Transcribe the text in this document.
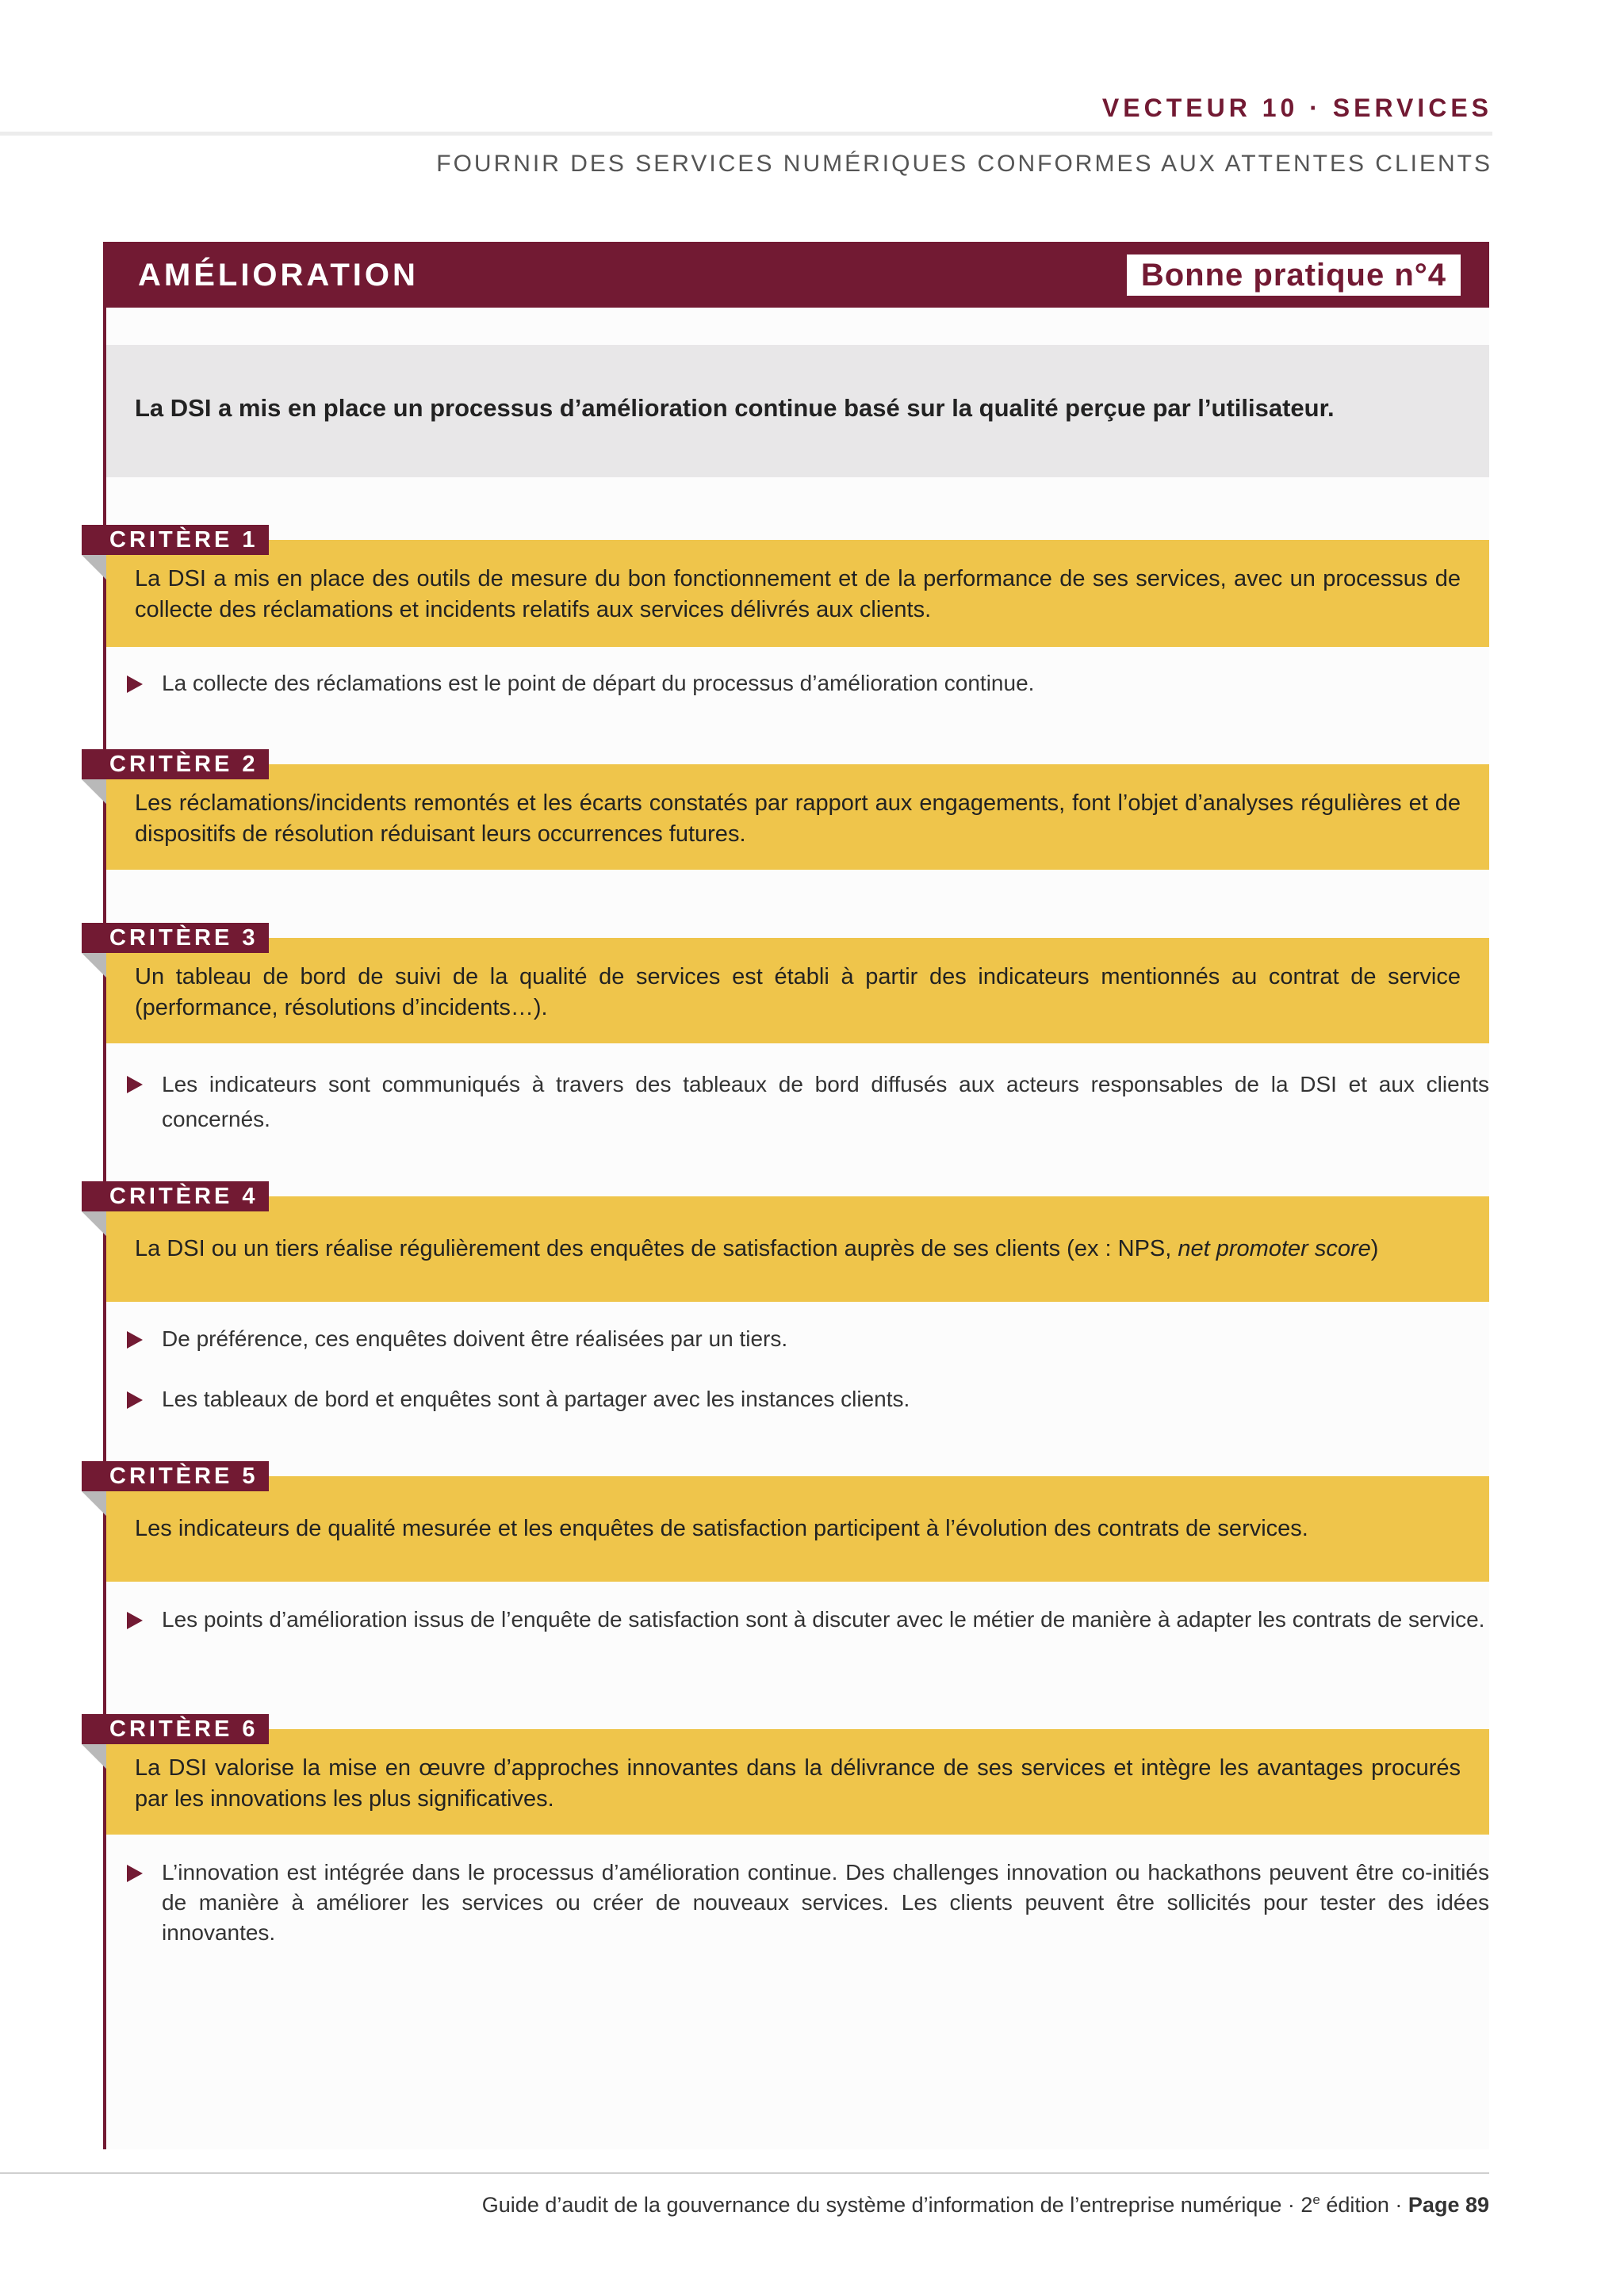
VECTEUR 10 · SERVICES
FOURNIR DES SERVICES NUMÉRIQUES CONFORMES AUX ATTENTES CLIENTS
AMÉLIORATION	Bonne pratique n°4
La DSI a mis en place un processus d’amélioration continue basé sur la qualité perçue par l’utilisateur.
La DSI a mis en place des outils de mesure du bon fonctionnement et de la performance de ses services, avec un processus de collecte des réclamations et incidents relatifs aux services délivrés aux clients.
CRITÈRE 1
La collecte des réclamations est le point de départ du processus d’amélioration continue.
Les réclamations/incidents remontés et les écarts constatés par rapport aux engagements, font l’objet d’analyses régulières et de dispositifs de résolution réduisant leurs occurrences futures.
CRITÈRE 2
Un tableau de bord de suivi de la qualité de services est établi à partir des indicateurs mentionnés au contrat de service (performance, résolutions d’incidents…).
CRITÈRE 3
Les indicateurs sont communiqués à travers des tableaux de bord diffusés aux acteurs responsables de la DSI et aux clients concernés.
La DSI ou un tiers réalise régulièrement des enquêtes de satisfaction auprès de ses clients (ex : NPS, net promoter score)
CRITÈRE 4
De préférence, ces enquêtes doivent être réalisées par un tiers.
Les tableaux de bord et enquêtes sont à partager avec les instances clients.
Les indicateurs de qualité mesurée et les enquêtes de satisfaction participent à l’évolution des contrats de services.
CRITÈRE 5
Les points d’amélioration issus de l’enquête de satisfaction sont à discuter avec le métier de manière à adapter les contrats de service.
La DSI valorise la mise en œuvre d’approches innovantes dans la délivrance de ses services et intègre les avantages procurés par les innovations les plus significatives.
CRITÈRE 6
L’innovation est intégrée dans le processus d’amélioration continue. Des challenges innovation ou hackathons peuvent être co-initiés de manière à améliorer les services ou créer de nouveaux services. Les clients peuvent être sollicités pour tester des idées innovantes.
Guide d’audit de la gouvernance du système d’information de l’entreprise numérique · $2^e$ édition · Page 89
